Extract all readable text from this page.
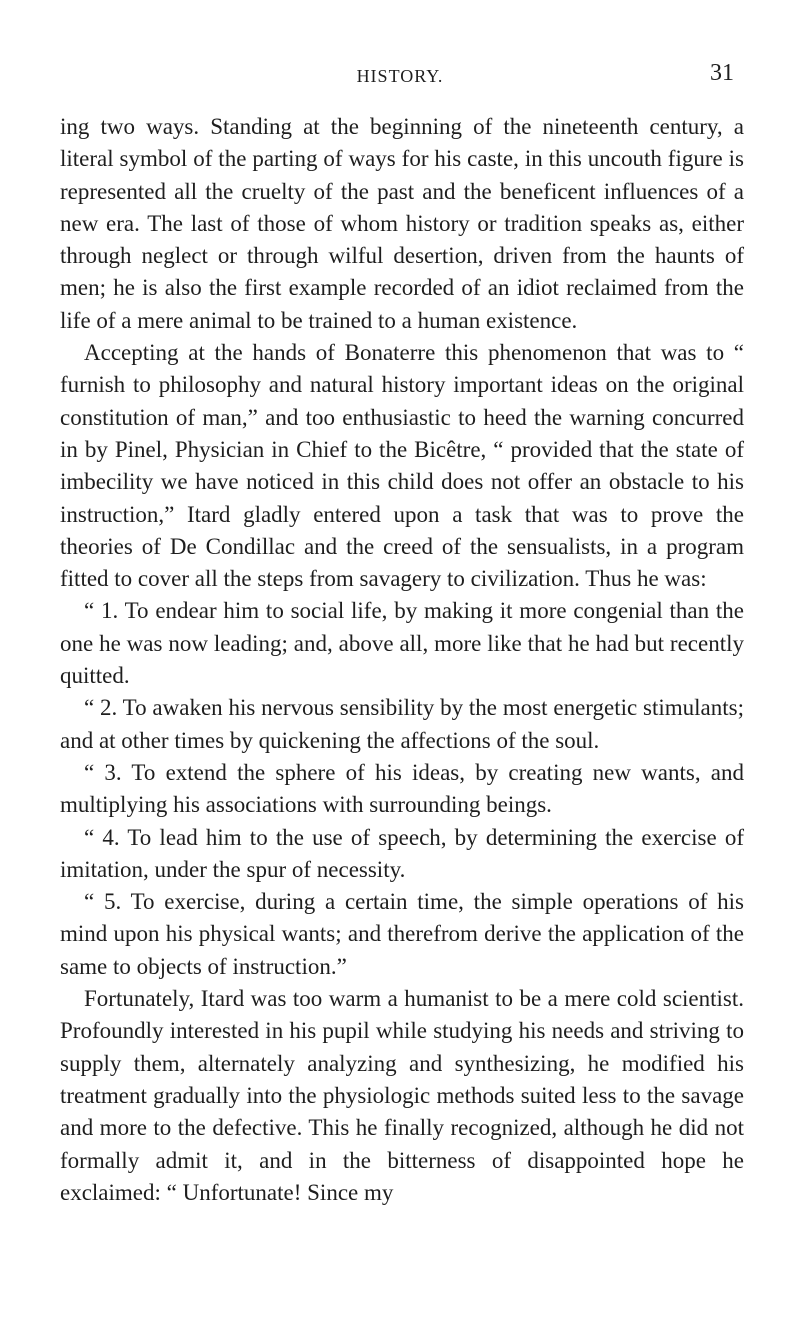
HISTORY.	31

ing two ways. Standing at the beginning of the nineteenth century, a literal symbol of the parting of ways for his caste, in this uncouth figure is represented all the cruelty of the past and the beneficent influences of a new era. The last of those of whom history or tradition speaks as, either through neglect or through wilful desertion, driven from the haunts of men; he is also the first example recorded of an idiot reclaimed from the life of a mere animal to be trained to a human existence.

Accepting at the hands of Bonaterre this phenomenon that was to “ furnish to philosophy and natural history important ideas on the original constitution of man,” and too enthusiastic to heed the warning concurred in by Pinel, Physician in Chief to the Bicêtre, “ provided that the state of imbecility we have noticed in this child does not offer an obstacle to his instruction,” Itard gladly entered upon a task that was to prove the theories of De Condillac and the creed of the sensualists, in a program fitted to cover all the steps from savagery to civilization. Thus he was:

“ 1. To endear him to social life, by making it more congenial than the one he was now leading; and, above all, more like that he had but recently quitted.

“ 2. To awaken his nervous sensibility by the most energetic stimulants; and at other times by quickening the affections of the soul.

“ 3. To extend the sphere of his ideas, by creating new wants, and multiplying his associations with surrounding beings.

“ 4. To lead him to the use of speech, by determining the exercise of imitation, under the spur of necessity.

“ 5. To exercise, during a certain time, the simple operations of his mind upon his physical wants; and therefrom derive the application of the same to objects of instruction.”

Fortunately, Itard was too warm a humanist to be a mere cold scientist. Profoundly interested in his pupil while studying his needs and striving to supply them, alternately analyzing and synthesizing, he modified his treatment gradually into the physiologic methods suited less to the savage and more to the defective. This he finally recognized, although he did not formally admit it, and in the bitterness of disappointed hope he exclaimed: “ Unfortunate! Since my
